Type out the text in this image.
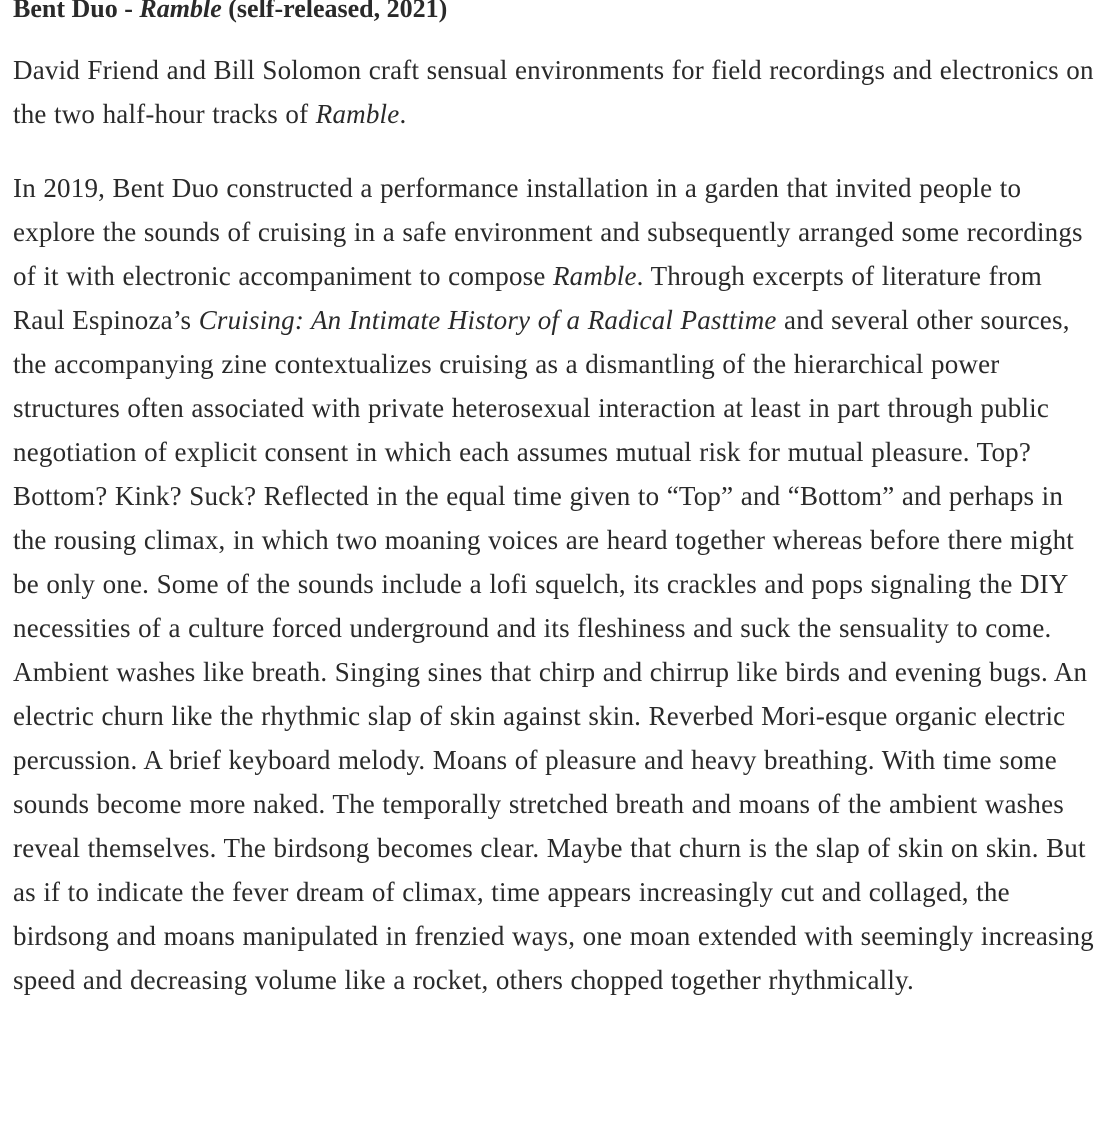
Bent Duo - Ramble (self-released, 2021)

David Friend and Bill Solomon craft sensual environments for field recordings and electronics on the two half-hour tracks of Ramble.

In 2019, Bent Duo constructed a performance installation in a garden that invited people to explore the sounds of cruising in a safe environment and subsequently arranged some recordings of it with electronic accompaniment to compose Ramble. Through excerpts of literature from Raul Espinoza’s Cruising: An Intimate History of a Radical Pasttime and several other sources, the accompanying zine contextualizes cruising as a dismantling of the hierarchical power structures often associated with private heterosexual interaction at least in part through public negotiation of explicit consent in which each assumes mutual risk for mutual pleasure. Top? Bottom? Kink? Suck? Reflected in the equal time given to “Top” and “Bottom” and perhaps in the rousing climax, in which two moaning voices are heard together whereas before there might be only one. Some of the sounds include a lofi squelch, its crackles and pops signaling the DIY necessities of a culture forced underground and its fleshiness and suck the sensuality to come. Ambient washes like breath. Singing sines that chirp and chirrup like birds and evening bugs. An electric churn like the rhythmic slap of skin against skin. Reverbed Mori-esque organic electric percussion. A brief keyboard melody. Moans of pleasure and heavy breathing. With time some sounds become more naked. The temporally stretched breath and moans of the ambient washes reveal themselves. The birdsong becomes clear. Maybe that churn is the slap of skin on skin. But as if to indicate the fever dream of climax, time appears increasingly cut and collaged, the birdsong and moans manipulated in frenzied ways, one moan extended with seemingly increasing speed and decreasing volume like a rocket, others chopped together rhythmically.
